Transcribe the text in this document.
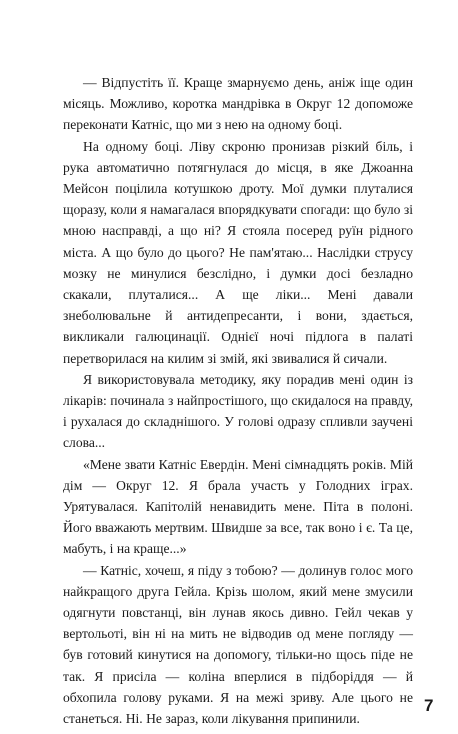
— Відпустіть її. Краще змарнуємо день, аніж іще один місяць. Можливо, коротка мандрівка в Округ 12 допоможе переконати Катніс, що ми з нею на одному боці.

На одному боці. Ліву скроню пронизав різкий біль, і рука автоматично потягнулася до місця, в яке Джоанна Мейсон поцілила котушкою дроту. Мої думки плуталися щоразу, коли я намагалася впорядкувати спогади: що було зі мною насправді, а що ні? Я стояла посеред руїн рідного міста. А що було до цього? Не пам'ятаю... Наслідки струсу мозку не минулися безслідно, і думки досі безладно скакали, плуталися... А ще ліки... Мені давали знеболювальне й антидепресанти, і вони, здається, викликали галюцинації. Однієї ночі підлога в палаті перетворилася на килим зі змій, які звивалися й сичали.

Я використовувала методику, яку порадив мені один із лікарів: починала з найпростішого, що скидалося на правду, і рухалася до складнішого. У голові одразу спливли заучені слова...

«Мене звати Катніс Евердін. Мені сімнадцять років. Мій дім — Округ 12. Я брала участь у Голодних іграх. Урятувалася. Капітолій ненавидить мене. Піта в полоні. Його вважають мертвим. Швидше за все, так воно і є. Та це, мабуть, і на краще...»

— Катніс, хочеш, я піду з тобою? — долинув голос мого найкращого друга Гейла. Крізь шолом, який мене змусили одягнути повстанці, він лунав якось дивно. Гейл чекав у вертольоті, він ні на мить не відводив од мене погляду — був готовий кинутися на допомогу, тільки-но щось піде не так. Я присіла — коліна вперлися в підборіддя — й обхопила голову руками. Я на межі зриву. Але цього не станеться. Ні. Не зараз, коли лікування припинили.

7
